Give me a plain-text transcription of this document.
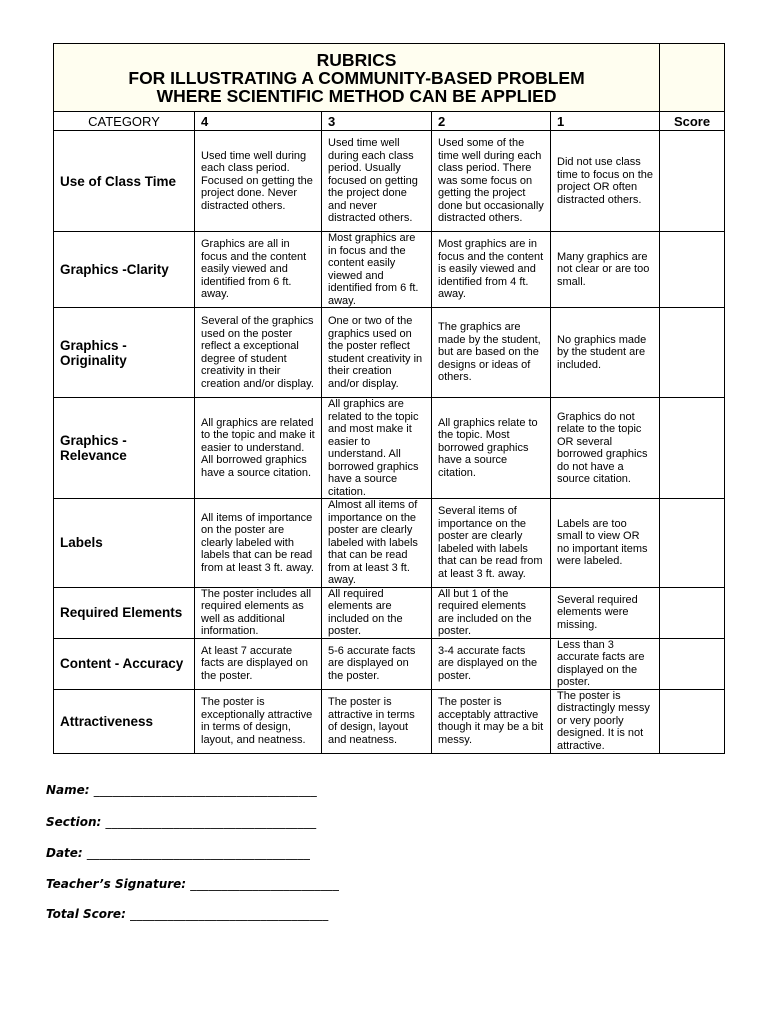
RUBRICS
FOR ILLUSTRATING A COMMUNITY-BASED PROBLEM
WHERE SCIENTIFIC METHOD CAN BE APPLIED					

CATEGORY	4	3	2	1	Score
Use of Class Time	Used time well during each class period. Focused on getting the project done. Never distracted others.	Used time well during each class period. Usually focused on getting the project done and never distracted others.	Used some of the time well during each class period. There was some focus on getting the project done but occasionally distracted others.	Did not use class time to focus on the project OR often distracted others.	
Graphics -Clarity	Graphics are all in focus and the content easily viewed and identified from 6 ft. away.	Most graphics are in focus and the content easily viewed and identified from 6 ft. away.	Most graphics are in focus and the content is easily viewed and identified from 4 ft. away.	Many graphics are not clear or are too small.	
Graphics - Originality	Several of the graphics used on the poster reflect a exceptional degree of student creativity in their creation and/or display.	One or two of the graphics used on the poster reflect student creativity in their creation and/or display.	The graphics are made by the student, but are based on the designs or ideas of others.	No graphics made by the student are included.	
Graphics - Relevance	All graphics are related to the topic and make it easier to understand. All borrowed graphics have a source citation.	All graphics are related to the topic and most make it easier to understand. All borrowed graphics have a source citation.	All graphics relate to the topic. Most borrowed graphics have a source citation.	Graphics do not relate to the topic OR several borrowed graphics do not have a source citation.	
Labels	All items of importance on the poster are clearly labeled with labels that can be read from at least 3 ft. away.	Almost all items of importance on the poster are clearly labeled with labels that can be read from at least 3 ft. away.	Several items of importance on the poster are clearly labeled with labels that can be read from at least 3 ft. away.	Labels are too small to view OR no important items were labeled.	
Required Elements	The poster includes all required elements as well as additional information.	All required elements are included on the poster.	All but 1 of the required elements are included on the poster.	Several required elements were missing.	
Content - Accuracy	At least 7 accurate facts are displayed on the poster.	5-6 accurate facts are displayed on the poster.	3-4 accurate facts are displayed on the poster.	Less than 3 accurate facts are displayed on the poster.	
Attractiveness	The poster is exceptionally attractive in terms of design, layout, and neatness.	The poster is attractive in terms of design, layout and neatness.	The poster is acceptably attractive though it may be a bit messy.	The poster is distractingly messy or very poorly designed. It is not attractive.	
Name: ____________________________________
Section: __________________________________
Date: ____________________________________
Teacher’s Signature: ________________________
Total Score: ________________________________
